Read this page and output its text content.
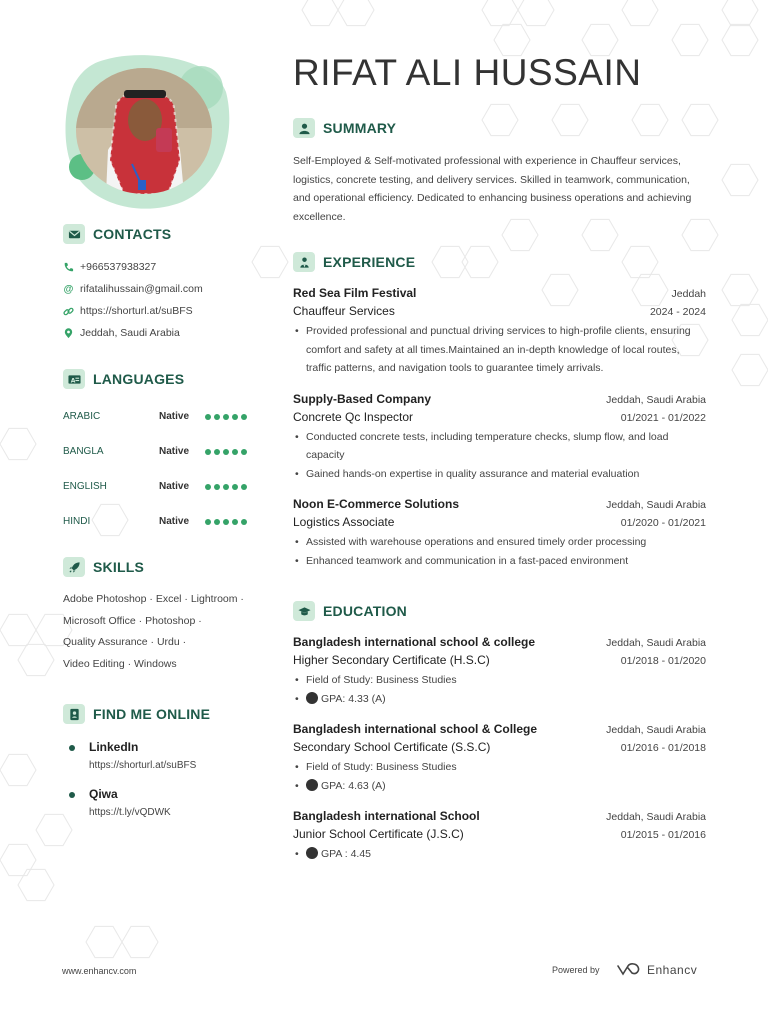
RIFAT ALI HUSSAIN
CONTACTS
+966537938327
@ rifatalihussain@gmail.com
https://shorturl.at/suBFS
Jeddah, Saudi Arabia
A LANGUAGES
ARABIC	Native
BANGLA	Native
ENGLISH	Native
HINDI	Native
SKILLS
Adobe Photoshop · Excel · Lightroom ·
Microsoft Office · Photoshop ·
Quality Assurance · Urdu ·
Video Editing · Windows
FIND ME ONLINE
LinkedIn
https://shorturl.at/suBFS
Qiwa
https://t.ly/vQDWK
SUMMARY
Self-Employed & Self-motivated professional with experience in Chauffeur services, logistics, concrete testing, and delivery services. Skilled in teamwork, communication, and operational efficiency. Dedicated to enhancing business operations and achieving excellence.
EXPERIENCE
Red Sea Film Festival	Jeddah
Chauffeur Services	2024 - 2024
• Provided professional and punctual driving services to high-profile clients, ensuring comfort and safety at all times.Maintained an in-depth knowledge of local routes, traffic patterns, and navigation tools to guarantee timely arrivals.
Supply-Based Company	Jeddah, Saudi Arabia
Concrete Qc Inspector	01/2021 - 01/2022
• Conducted concrete tests, including temperature checks, slump flow, and load capacity
• Gained hands-on expertise in quality assurance and material evaluation
Noon E-Commerce Solutions	Jeddah, Saudi Arabia
Logistics Associate	01/2020 - 01/2021
• Assisted with warehouse operations and ensured timely order processing
• Enhanced teamwork and communication in a fast-paced environment
EDUCATION
Bangladesh international school & college	Jeddah, Saudi Arabia
Higher Secondary Certificate (H.S.C)	01/2018 - 01/2020
• Field of Study: Business Studies
• GPA: 4.33 (A)
Bangladesh international school & College	Jeddah, Saudi Arabia
Secondary School Certificate (S.S.C)	01/2016 - 01/2018
• Field of Study: Business Studies
• GPA: 4.63 (A)
Bangladesh international School	Jeddah, Saudi Arabia
Junior School Certificate (J.S.C)	01/2015 - 01/2016
• GPA : 4.45
www.enhancv.com	Powered by	Enhancv
